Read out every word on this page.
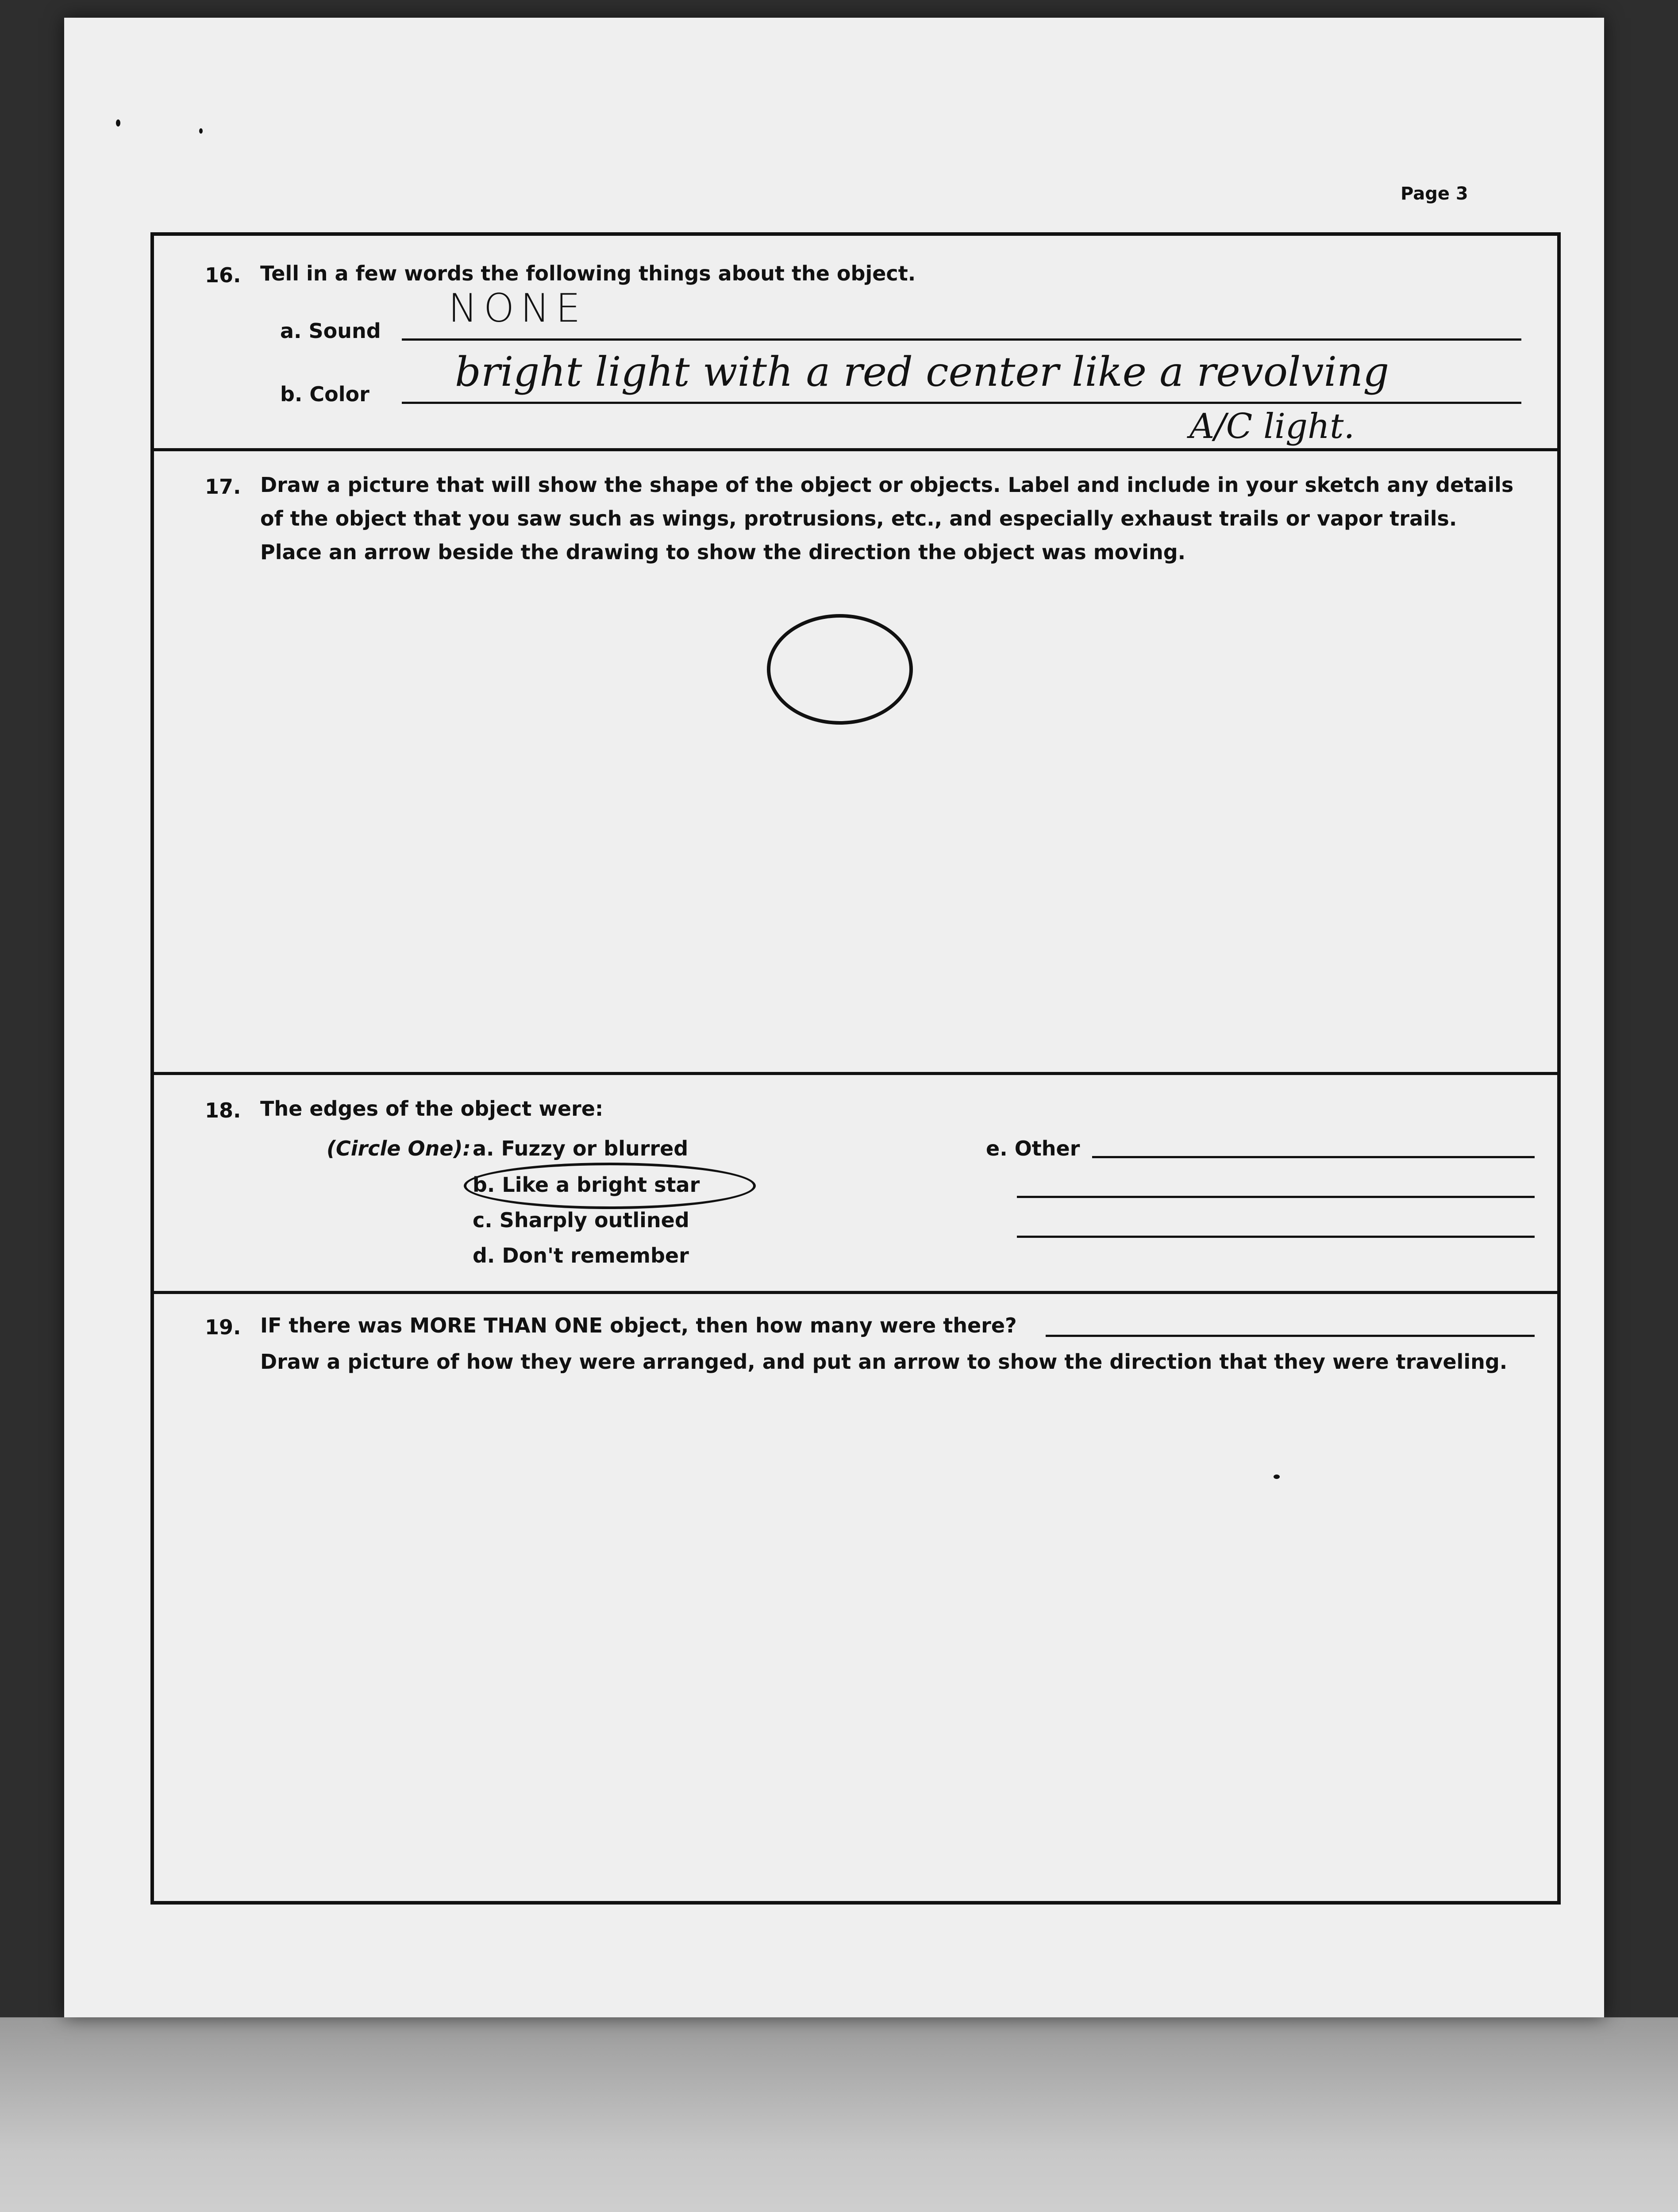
Page 3
16. Tell in a few words the following things about the object.
a. Sound NONE
b. Color bright light with a red center like a revolving
A/C light.
17. Draw a picture that will show the shape of the object or objects. Label and include in your sketch any details
of the object that you saw such as wings, protrusions, etc., and especially exhaust trails or vapor trails.
Place an arrow beside the drawing to show the direction the object was moving.
18. The edges of the object were:
(Circle One): a. Fuzzy or blurred
b. Like a bright star
c. Sharply outlined
d. Don't remember
e. Other
19. IF there was MORE THAN ONE object, then how many were there?
Draw a picture of how they were arranged, and put an arrow to show the direction that they were traveling.
